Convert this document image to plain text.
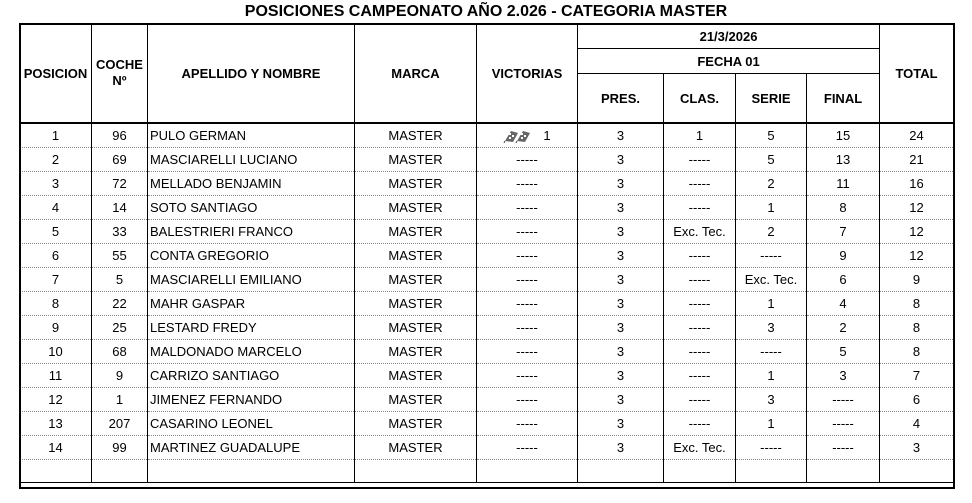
POSICIONES CAMPEONATO AÑO 2.026 - CATEGORIA MASTER
POSICION	COCHE Nº	APELLIDO Y NOMBRE	MARCA	VICTORIAS	21/3/2026				TOTAL
					FECHA 01				
					PRES.	CLAS.	SERIE	FINAL	
1	96	PULO GERMAN	MASTER	1	3	1	5	15	24
2	69	MASCIARELLI LUCIANO	MASTER	-----	3	-----	5	13	21
3	72	MELLADO BENJAMIN	MASTER	-----	3	-----	2	11	16
4	14	SOTO SANTIAGO	MASTER	-----	3	-----	1	8	12
5	33	BALESTRIERI FRANCO	MASTER	-----	3	Exc. Tec.	2	7	12
6	55	CONTA GREGORIO	MASTER	-----	3	-----	-----	9	12
7	5	MASCIARELLI EMILIANO	MASTER	-----	3	-----	Exc. Tec.	6	9
8	22	MAHR GASPAR	MASTER	-----	3	-----	1	4	8
9	25	LESTARD FREDY	MASTER	-----	3	-----	3	2	8
10	68	MALDONADO MARCELO	MASTER	-----	3	-----	-----	5	8
11	9	CARRIZO SANTIAGO	MASTER	-----	3	-----	1	3	7
12	1	JIMENEZ FERNANDO	MASTER	-----	3	-----	3	-----	6
13	207	CASARINO LEONEL	MASTER	-----	3	-----	1	-----	4
14	99	MARTINEZ GUADALUPE	MASTER	-----	3	Exc. Tec.	-----	-----	3
